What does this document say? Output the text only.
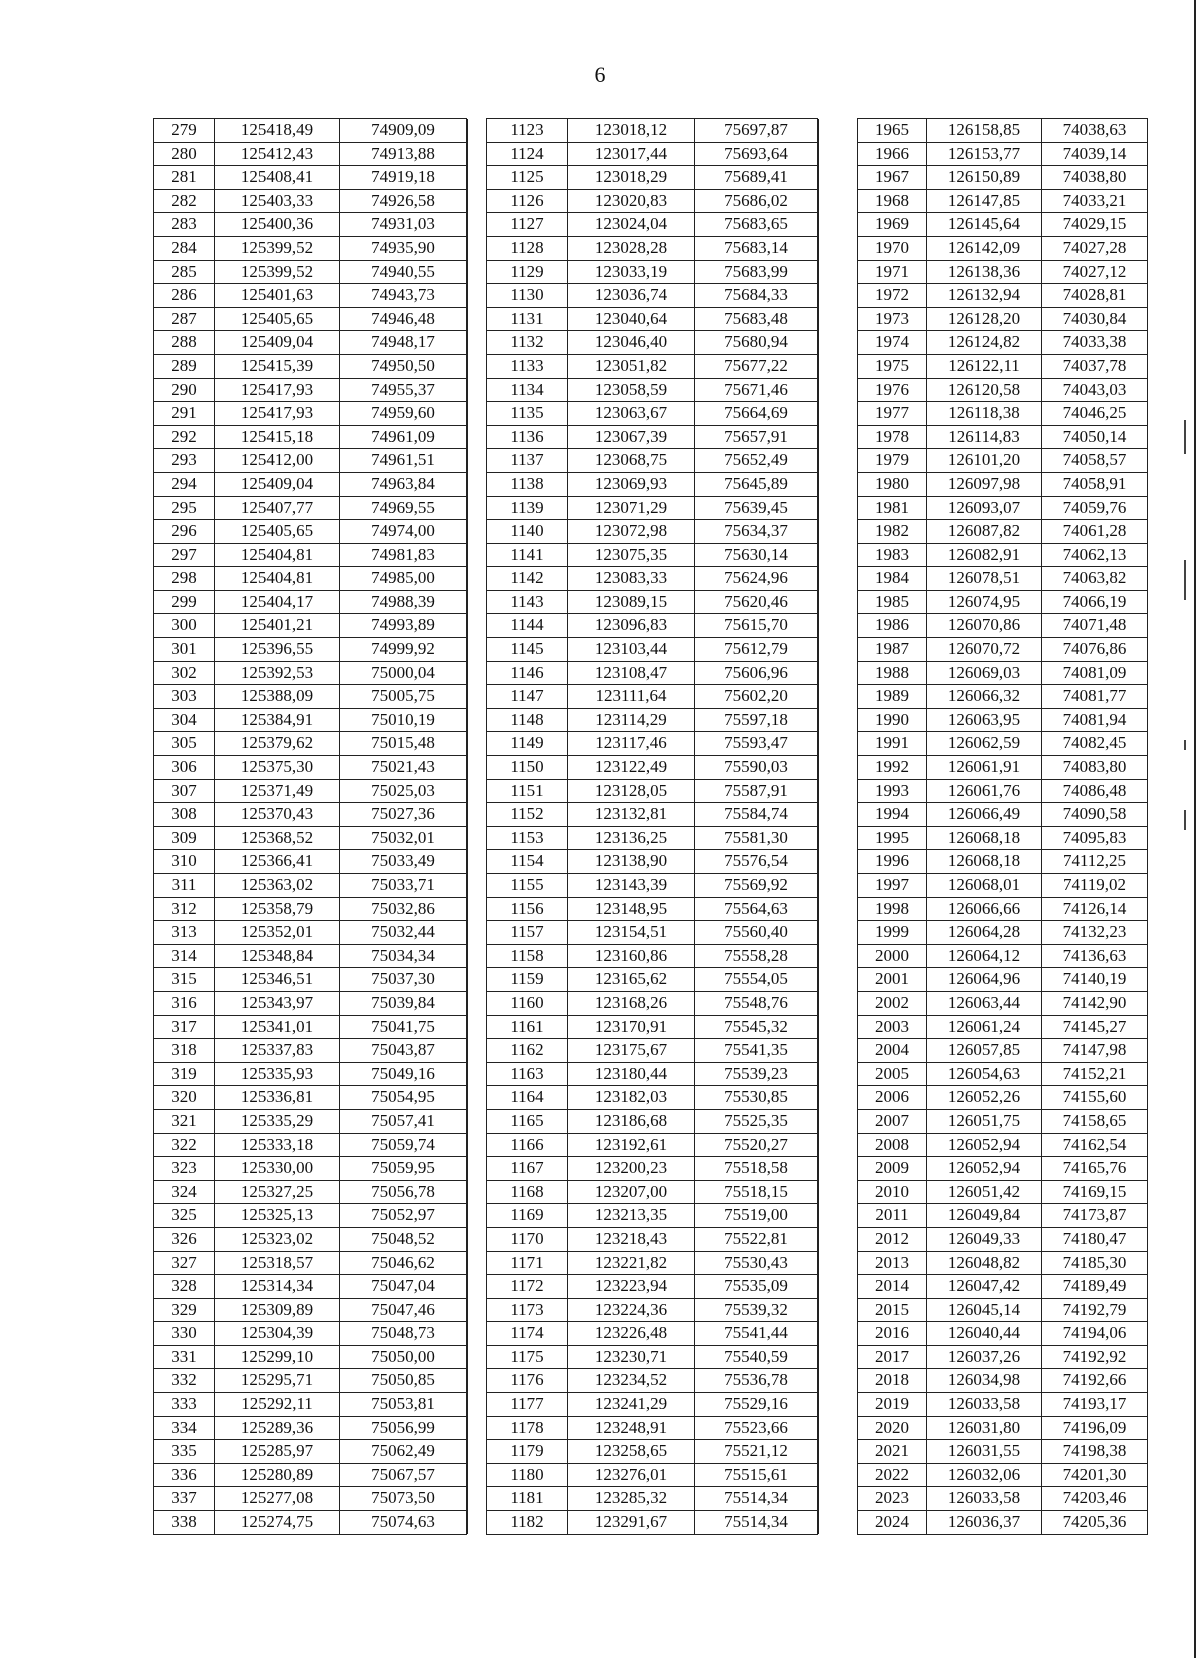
6
279	125418,49	74909,09
280	125412,43	74913,88
281	125408,41	74919,18
282	125403,33	74926,58
283	125400,36	74931,03
284	125399,52	74935,90
285	125399,52	74940,55
286	125401,63	74943,73
287	125405,65	74946,48
288	125409,04	74948,17
289	125415,39	74950,50
290	125417,93	74955,37
291	125417,93	74959,60
292	125415,18	74961,09
293	125412,00	74961,51
294	125409,04	74963,84
295	125407,77	74969,55
296	125405,65	74974,00
297	125404,81	74981,83
298	125404,81	74985,00
299	125404,17	74988,39
300	125401,21	74993,89
301	125396,55	74999,92
302	125392,53	75000,04
303	125388,09	75005,75
304	125384,91	75010,19
305	125379,62	75015,48
306	125375,30	75021,43
307	125371,49	75025,03
308	125370,43	75027,36
309	125368,52	75032,01
310	125366,41	75033,49
311	125363,02	75033,71
312	125358,79	75032,86
313	125352,01	75032,44
314	125348,84	75034,34
315	125346,51	75037,30
316	125343,97	75039,84
317	125341,01	75041,75
318	125337,83	75043,87
319	125335,93	75049,16
320	125336,81	75054,95
321	125335,29	75057,41
322	125333,18	75059,74
323	125330,00	75059,95
324	125327,25	75056,78
325	125325,13	75052,97
326	125323,02	75048,52
327	125318,57	75046,62
328	125314,34	75047,04
329	125309,89	75047,46
330	125304,39	75048,73
331	125299,10	75050,00
332	125295,71	75050,85
333	125292,11	75053,81
334	125289,36	75056,99
335	125285,97	75062,49
336	125280,89	75067,57
337	125277,08	75073,50
338	125274,75	75074,63
	1123	123018,12	75697,87
	1124	123017,44	75693,64
	1125	123018,29	75689,41
	1126	123020,83	75686,02
	1127	123024,04	75683,65
	1128	123028,28	75683,14
	1129	123033,19	75683,99
	1130	123036,74	75684,33
	1131	123040,64	75683,48
	1132	123046,40	75680,94
	1133	123051,82	75677,22
	1134	123058,59	75671,46
	1135	123063,67	75664,69
	1136	123067,39	75657,91
	1137	123068,75	75652,49
	1138	123069,93	75645,89
	1139	123071,29	75639,45
	1140	123072,98	75634,37
	1141	123075,35	75630,14
	1142	123083,33	75624,96
	1143	123089,15	75620,46
	1144	123096,83	75615,70
	1145	123103,44	75612,79
	1146	123108,47	75606,96
	1147	123111,64	75602,20
	1148	123114,29	75597,18
	1149	123117,46	75593,47
	1150	123122,49	75590,03
	1151	123128,05	75587,91
	1152	123132,81	75584,74
	1153	123136,25	75581,30
	1154	123138,90	75576,54
	1155	123143,39	75569,92
	1156	123148,95	75564,63
	1157	123154,51	75560,40
	1158	123160,86	75558,28
	1159	123165,62	75554,05
	1160	123168,26	75548,76
	1161	123170,91	75545,32
	1162	123175,67	75541,35
	1163	123180,44	75539,23
	1164	123182,03	75530,85
	1165	123186,68	75525,35
	1166	123192,61	75520,27
	1167	123200,23	75518,58
	1168	123207,00	75518,15
	1169	123213,35	75519,00
	1170	123218,43	75522,81
	1171	123221,82	75530,43
	1172	123223,94	75535,09
	1173	123224,36	75539,32
	1174	123226,48	75541,44
	1175	123230,71	75540,59
	1176	123234,52	75536,78
	1177	123241,29	75529,16
	1178	123248,91	75523,66
	1179	123258,65	75521,12
	1180	123276,01	75515,61
	1181	123285,32	75514,34
	1182	123291,67	75514,34
	1965	126158,85	74038,63
	1966	126153,77	74039,14
	1967	126150,89	74038,80
	1968	126147,85	74033,21
	1969	126145,64	74029,15
	1970	126142,09	74027,28
	1971	126138,36	74027,12
	1972	126132,94	74028,81
	1973	126128,20	74030,84
	1974	126124,82	74033,38
	1975	126122,11	74037,78
	1976	126120,58	74043,03
	1977	126118,38	74046,25
	1978	126114,83	74050,14
	1979	126101,20	74058,57
	1980	126097,98	74058,91
	1981	126093,07	74059,76
	1982	126087,82	74061,28
	1983	126082,91	74062,13
	1984	126078,51	74063,82
	1985	126074,95	74066,19
	1986	126070,86	74071,48
	1987	126070,72	74076,86
	1988	126069,03	74081,09
	1989	126066,32	74081,77
	1990	126063,95	74081,94
	1991	126062,59	74082,45
	1992	126061,91	74083,80
	1993	126061,76	74086,48
	1994	126066,49	74090,58
	1995	126068,18	74095,83
	1996	126068,18	74112,25
	1997	126068,01	74119,02
	1998	126066,66	74126,14
	1999	126064,28	74132,23
	2000	126064,12	74136,63
	2001	126064,96	74140,19
	2002	126063,44	74142,90
	2003	126061,24	74145,27
	2004	126057,85	74147,98
	2005	126054,63	74152,21
	2006	126052,26	74155,60
	2007	126051,75	74158,65
	2008	126052,94	74162,54
	2009	126052,94	74165,76
	2010	126051,42	74169,15
	2011	126049,84	74173,87
	2012	126049,33	74180,47
	2013	126048,82	74185,30
	2014	126047,42	74189,49
	2015	126045,14	74192,79
	2016	126040,44	74194,06
	2017	126037,26	74192,92
	2018	126034,98	74192,66
	2019	126033,58	74193,17
	2020	126031,80	74196,09
	2021	126031,55	74198,38
	2022	126032,06	74201,30
	2023	126033,58	74203,46
	2024	126036,37	74205,36
